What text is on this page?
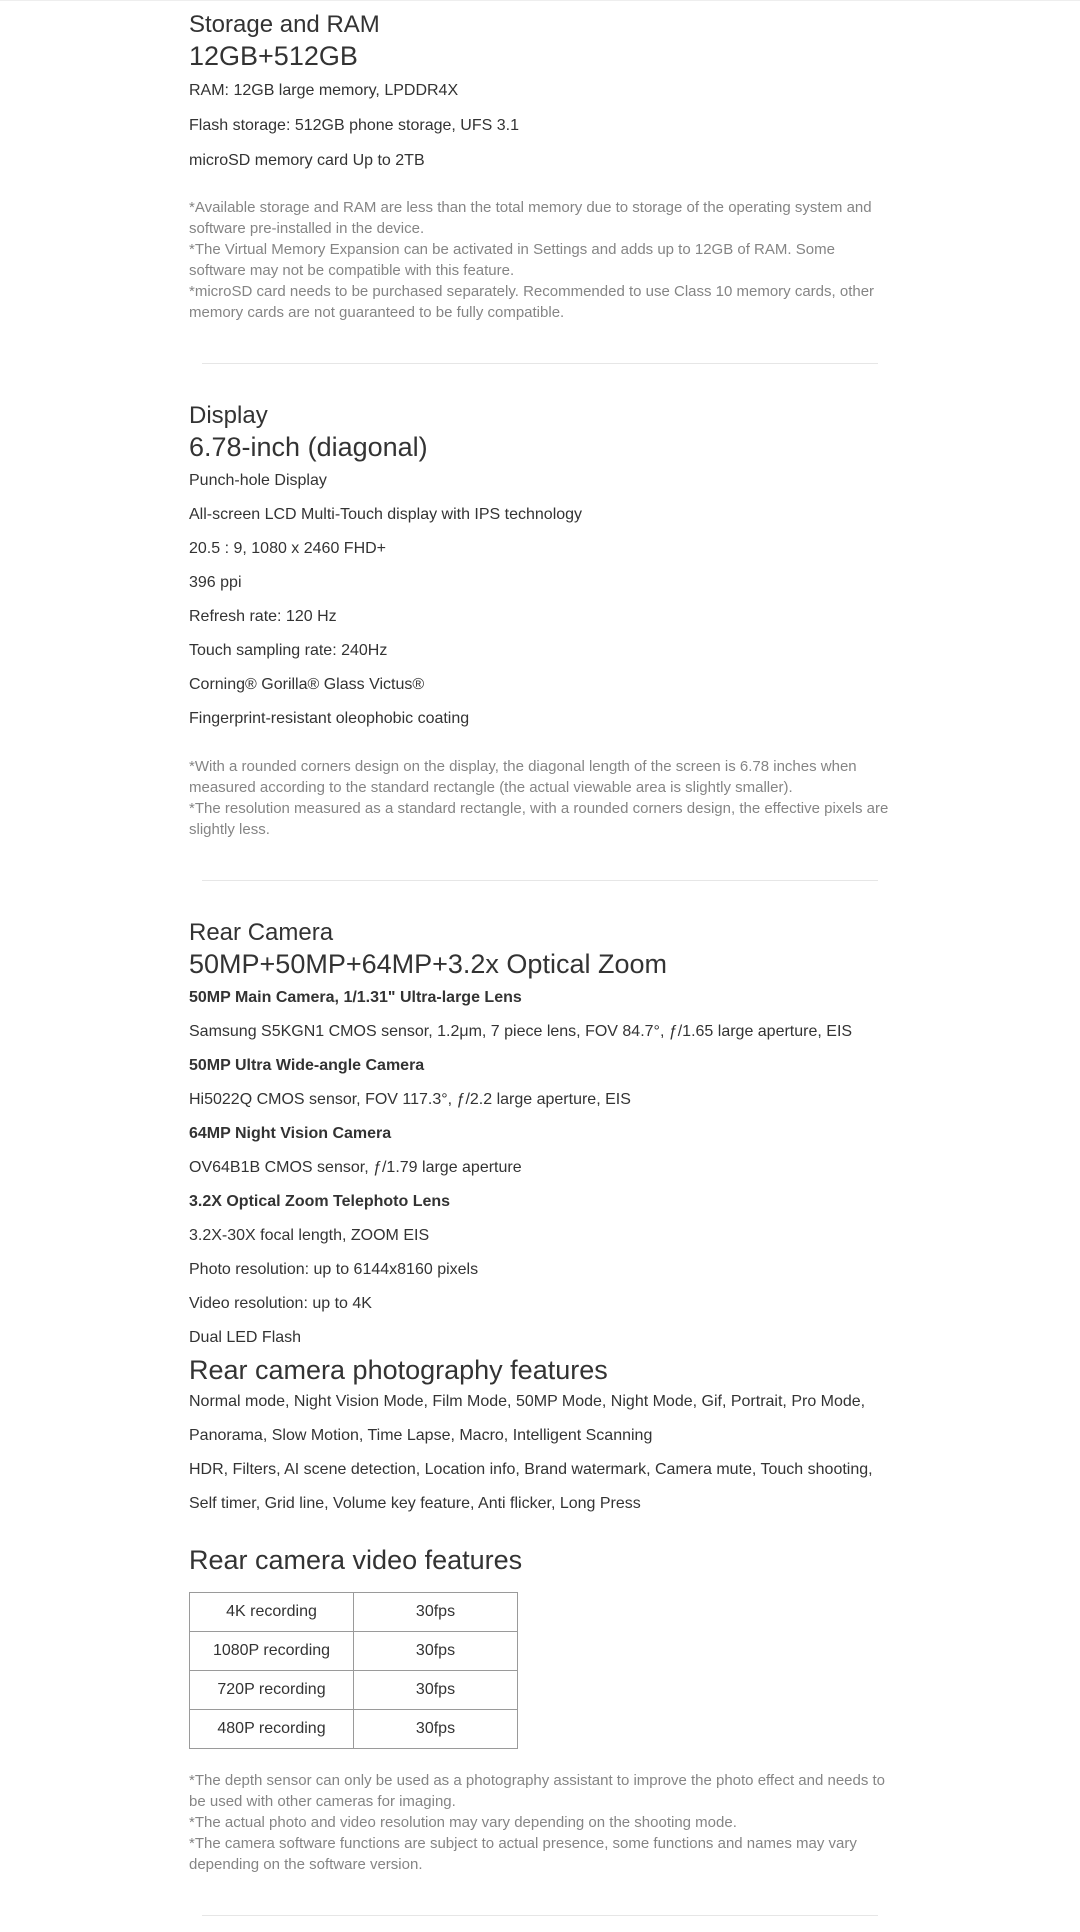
Storage and RAM
12GB+512GB
RAM: 12GB large memory, LPDDR4X
Flash storage: 512GB phone storage, UFS 3.1
microSD memory card Up to 2TB
*Available storage and RAM are less than the total memory due to storage of the operating system and software pre-installed in the device.
*The Virtual Memory Expansion can be activated in Settings and adds up to 12GB of RAM. Some software may not be compatible with this feature.
*microSD card needs to be purchased separately. Recommended to use Class 10 memory cards, other memory cards are not guaranteed to be fully compatible.
Display
6.78-inch (diagonal)
Punch-hole Display
All-screen LCD Multi-Touch display with IPS technology
20.5 : 9, 1080 x 2460 FHD+
396 ppi
Refresh rate: 120 Hz
Touch sampling rate: 240Hz
Corning® Gorilla® Glass Victus®
Fingerprint-resistant oleophobic coating
*With a rounded corners design on the display, the diagonal length of the screen is 6.78 inches when measured according to the standard rectangle (the actual viewable area is slightly smaller).
*The resolution measured as a standard rectangle, with a rounded corners design, the effective pixels are slightly less.
Rear Camera
50MP+50MP+64MP+3.2x Optical Zoom
50MP Main Camera, 1/1.31" Ultra-large Lens
Samsung S5KGN1 CMOS sensor, 1.2μm, 7 piece lens, FOV 84.7°, ƒ/1.65 large aperture, EIS
50MP Ultra Wide-angle Camera
Hi5022Q CMOS sensor, FOV 117.3°, ƒ/2.2 large aperture, EIS
64MP Night Vision Camera
OV64B1B CMOS sensor, ƒ/1.79 large aperture
3.2X Optical Zoom Telephoto Lens
3.2X-30X focal length, ZOOM EIS
Photo resolution: up to 6144x8160 pixels
Video resolution: up to 4K
Dual LED Flash
Rear camera photography features
Normal mode, Night Vision Mode, Film Mode, 50MP Mode, Night Mode, Gif, Portrait, Pro Mode,
Panorama, Slow Motion, Time Lapse, Macro, Intelligent Scanning
HDR, Filters, AI scene detection, Location info, Brand watermark, Camera mute, Touch shooting,
Self timer, Grid line, Volume key feature, Anti flicker, Long Press
Rear camera video features
4K recording	30fps
1080P recording	30fps
720P recording	30fps
480P recording	30fps
*The depth sensor can only be used as a photography assistant to improve the photo effect and needs to be used with other cameras for imaging.
*The actual photo and video resolution may vary depending on the shooting mode.
*The camera software functions are subject to actual presence, some functions and names may vary depending on the software version.
